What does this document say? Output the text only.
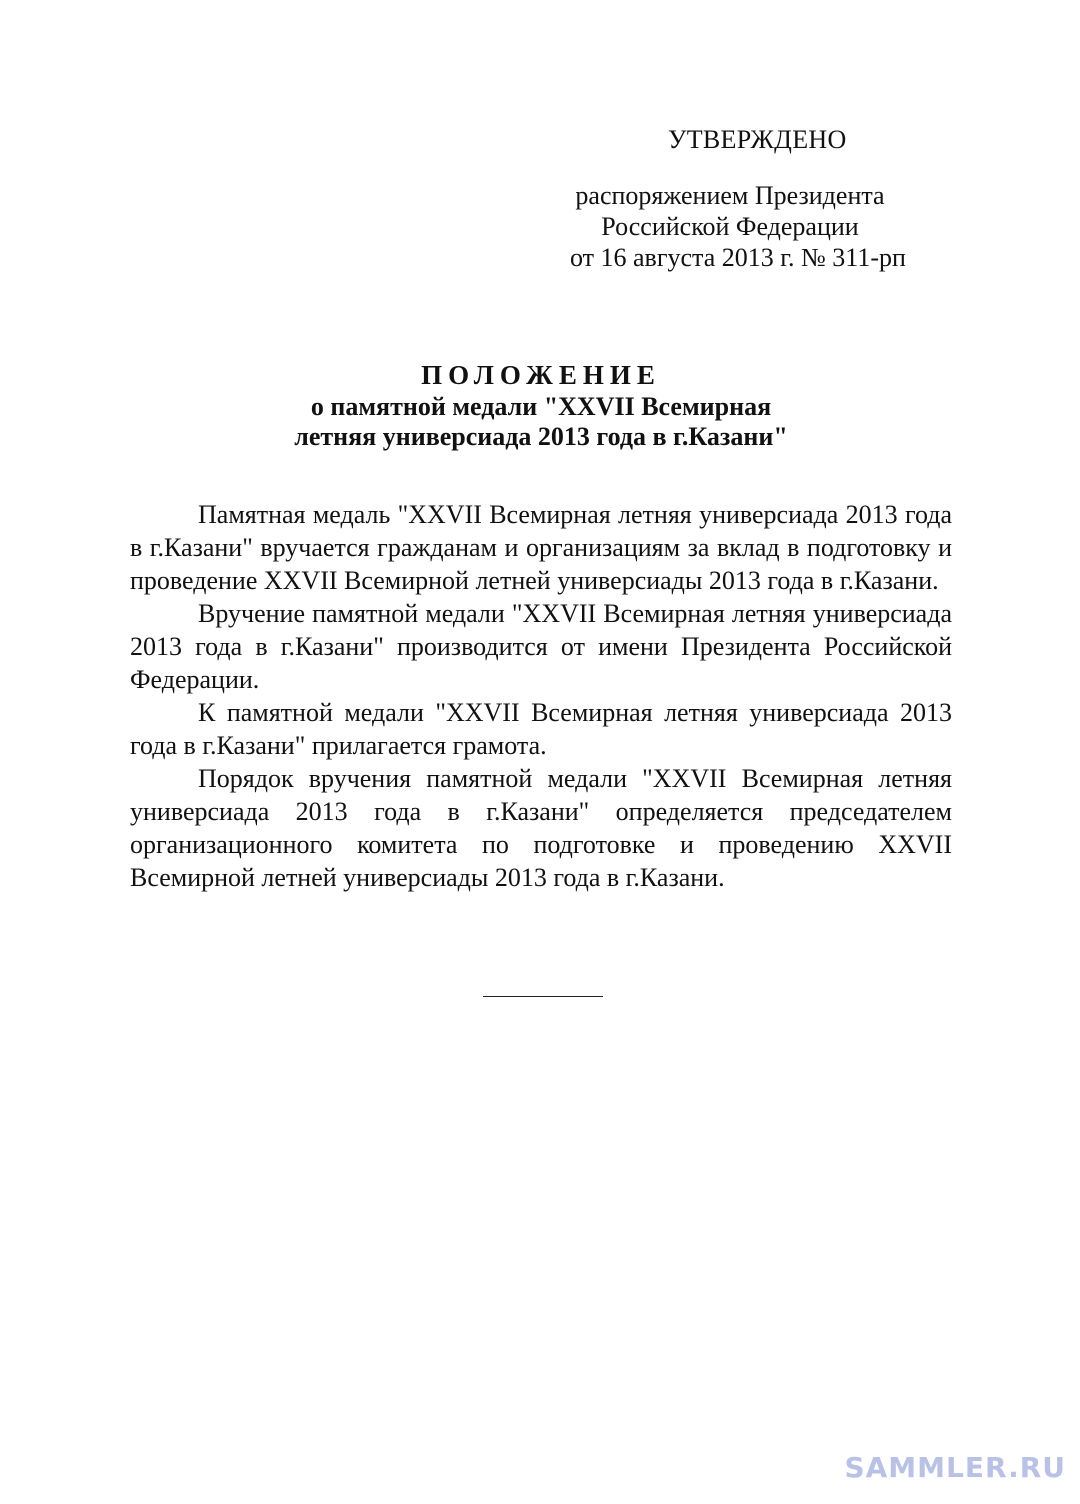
УТВЕРЖДЕНО
распоряжением Президента
Российской Федерации
от 16 августа 2013 г. № 311-рп
ПОЛОЖЕНИЕ
о памятной медали "XXVII Всемирная
летняя универсиада 2013 года в г.Казани"

Памятная медаль "XXVII Всемирная летняя универсиада 2013 года в г.Казани" вручается гражданам и организациям за вклад в подготовку и проведение XXVII Всемирной летней универсиады 2013 года в г.Казани.

Вручение памятной медали "XXVII Всемирная летняя универсиада 2013 года в г.Казани" производится от имени Президента Российской Федерации.

К памятной медали "XXVII Всемирная летняя универсиада 2013 года в г.Казани" прилагается грамота.

Порядок вручения памятной медали "XXVII Всемирная летняя универсиада 2013 года в г.Казани" определяется председателем организационного комитета по подготовке и проведению XXVII Всемирной летней универсиады 2013 года в г.Казани.

SAMMLER.RU
